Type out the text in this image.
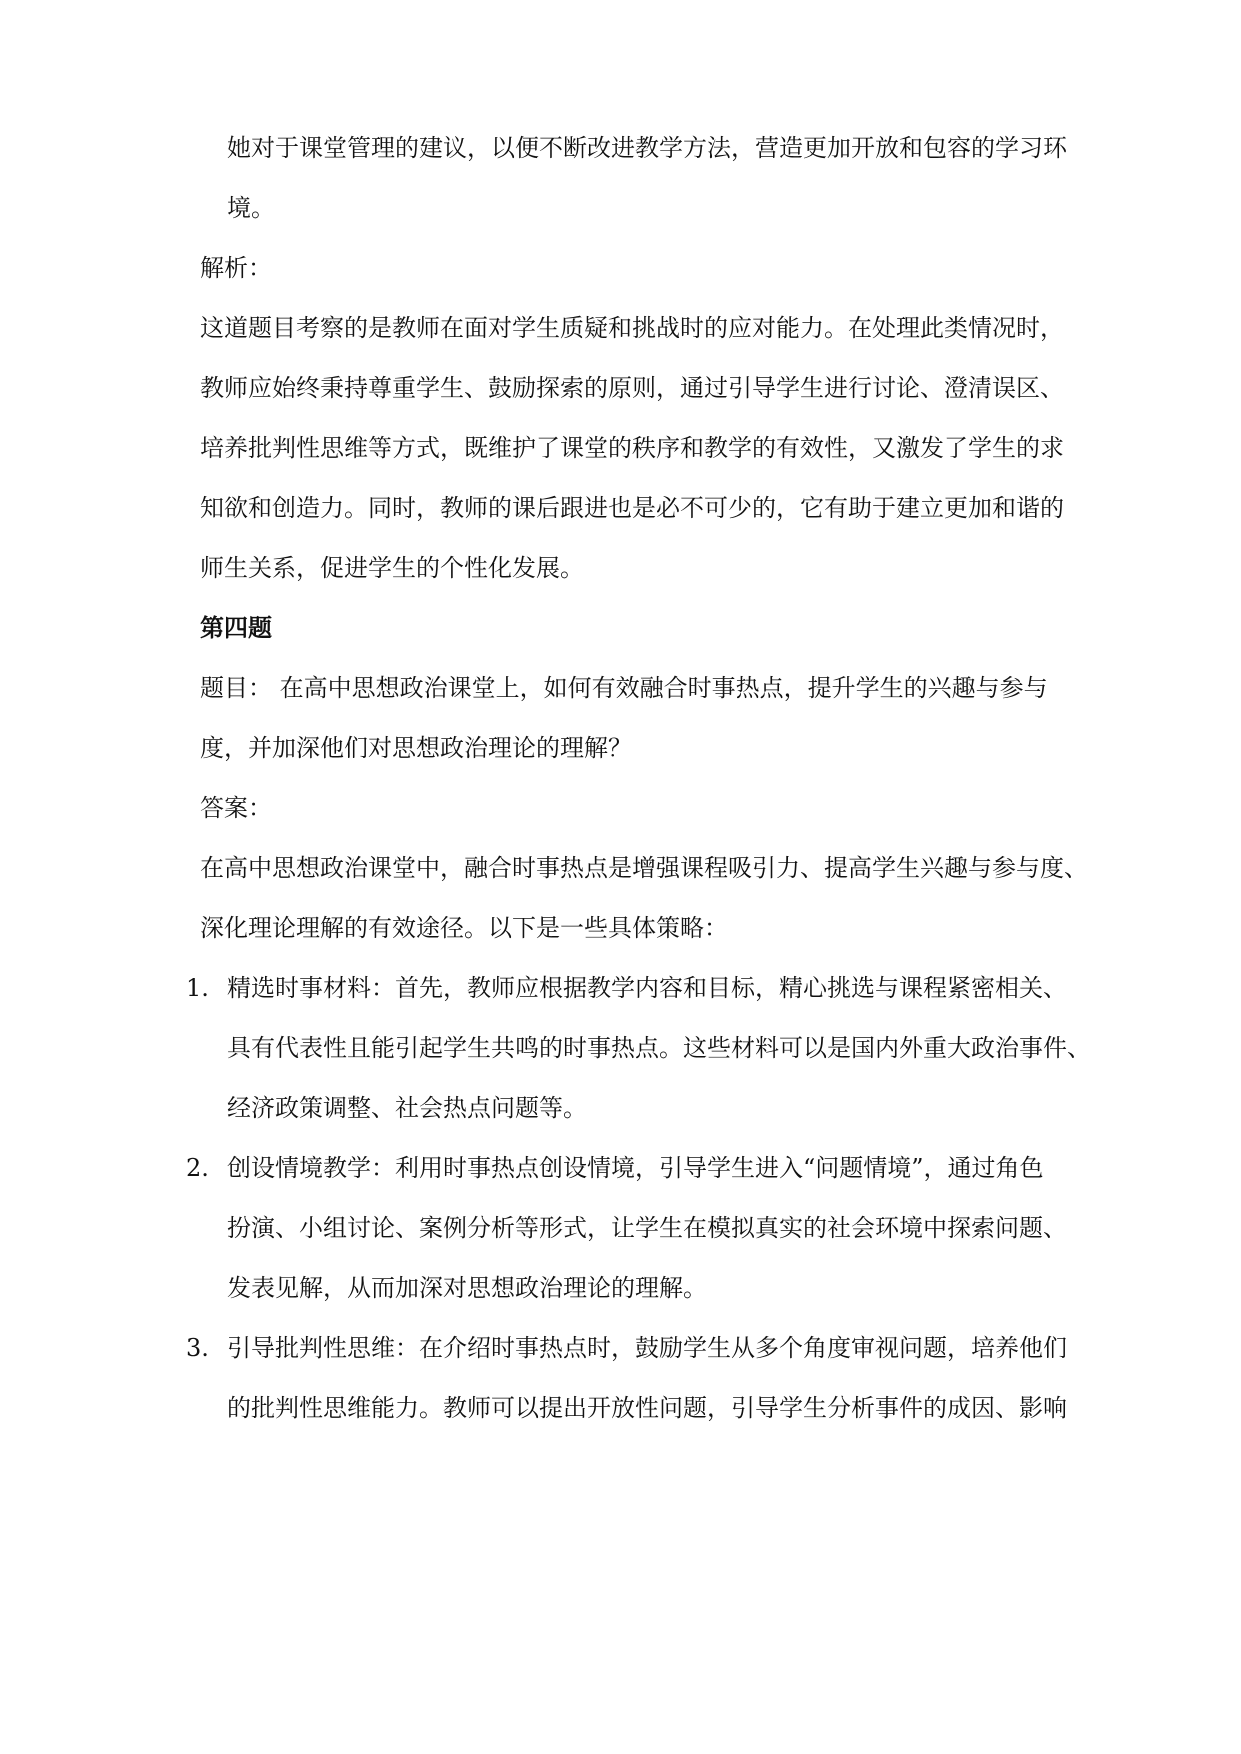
她对于课堂管理的建议，以便不断改进教学方法，营造更加开放和包容的学习环
境。
解析：
这道题目考察的是教师在面对学生质疑和挑战时的应对能力。在处理此类情况时，
教师应始终秉持尊重学生、鼓励探索的原则，通过引导学生进行讨论、澄清误区、
培养批判性思维等方式，既维护了课堂的秩序和教学的有效性，又激发了学生的求
知欲和创造力。同时，教师的课后跟进也是必不可少的，它有助于建立更加和谐的
师生关系，促进学生的个性化发展。
第四题
题目： 在高中思想政治课堂上，如何有效融合时事热点，提升学生的兴趣与参与
度，并加深他们对思想政治理论的理解？
答案：
在高中思想政治课堂中，融合时事热点是增强课程吸引力、提高学生兴趣与参与度、
深化理论理解的有效途径。以下是一些具体策略：
1. 精选时事材料：首先，教师应根据教学内容和目标，精心挑选与课程紧密相关、
具有代表性且能引起学生共鸣的时事热点。这些材料可以是国内外重大政治事件、
经济政策调整、社会热点问题等。
2. 创设情境教学：利用时事热点创设情境，引导学生进入“问题情境”，通过角色
扮演、小组讨论、案例分析等形式，让学生在模拟真实的社会环境中探索问题、
发表见解，从而加深对思想政治理论的理解。
3. 引导批判性思维：在介绍时事热点时，鼓励学生从多个角度审视问题，培养他们
的批判性思维能力。教师可以提出开放性问题，引导学生分析事件的成因、影响
